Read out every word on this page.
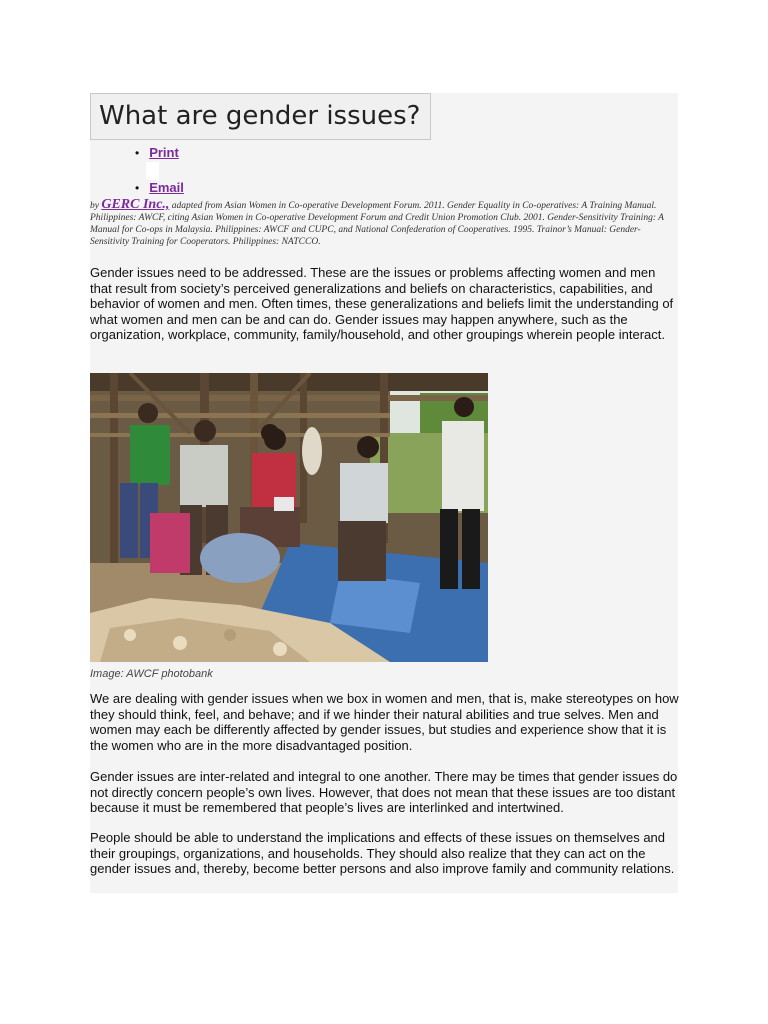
What are gender issues?
• Print
• Email
by GERC Inc., adapted from Asian Women in Co-operative Development Forum. 2011. Gender Equality in Co-operatives: A Training Manual. Philippines: AWCF, citing Asian Women in Co-operative Development Forum and Credit Union Promotion Club. 2001. Gender-Sensitivity Training: A Manual for Co-ops in Malaysia. Philippines: AWCF and CUPC, and National Confederation of Cooperatives. 1995. Trainor’s Manual: Gender-Sensitivity Training for Cooperators. Philippines: NATCCO.

Gender issues need to be addressed. These are the issues or problems affecting women and men that result from society’s perceived generalizations and beliefs on characteristics, capabilities, and behavior of women and men. Often times, these generalizations and beliefs limit the understanding of what women and men can be and can do. Gender issues may happen anywhere, such as the organization, workplace, community, family/household, and other groupings wherein people interact.

Image: AWCF photobank

We are dealing with gender issues when we box in women and men, that is, make stereotypes on how they should think, feel, and behave; and if we hinder their natural abilities and true selves. Men and women may each be differently affected by gender issues, but studies and experience show that it is the women who are in the more disadvantaged position.

Gender issues are inter-related and integral to one another. There may be times that gender issues do not directly concern people’s own lives. However, that does not mean that these issues are too distant because it must be remembered that people’s lives are interlinked and intertwined.

People should be able to understand the implications and effects of these issues on themselves and their groupings, organizations, and households. They should also realize that they can act on the gender issues and, thereby, become better persons and also improve family and community relations.
